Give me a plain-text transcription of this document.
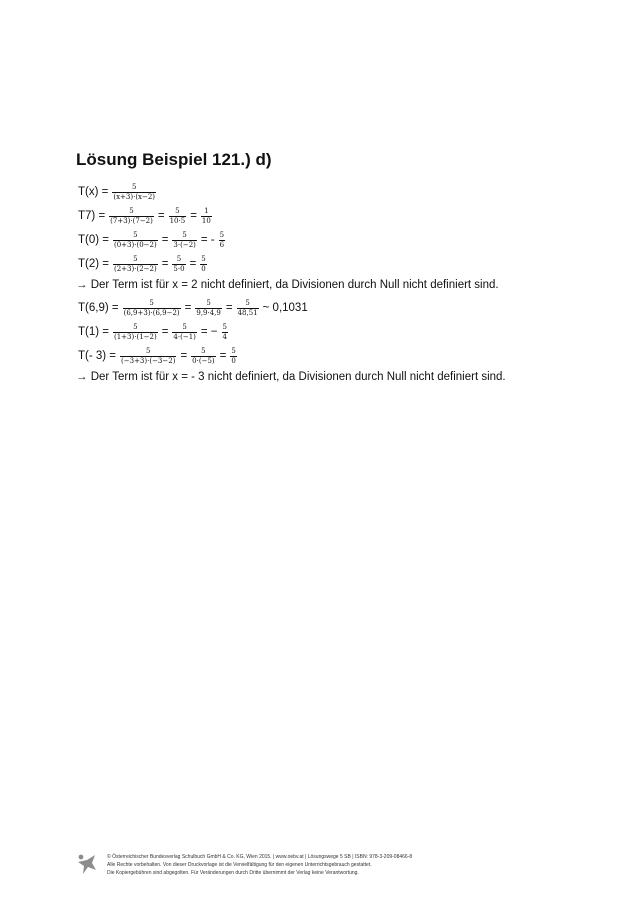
Lösung Beispiel 121.) d)
$T(x) = \frac{5}{(x+3)\cdot(x-2)}$
$T7) = \frac{5}{(7+3)\cdot(7-2)} = \frac{5}{10\cdot 5} = \frac{1}{10}$
$T(0) = \frac{5}{(0+3)\cdot(0-2)} = \frac{5}{3\cdot(-2)}$ = - $\frac{5}{6}$
$T(2) = \frac{5}{(2+3)\cdot(2-2)} = \frac{5}{5\cdot 0} = \frac{5}{0}$
→ Der Term ist für x = 2 nicht definiert, da Divisionen durch Null nicht definiert sind.
$T(6,9) = \frac{5}{(6,9+3)\cdot(6,9-2)} = \frac{5}{9,9\cdot 4,9} = \frac{5}{48,51}$ ~ 0,1031
$T(1) = \frac{5}{(1+3)\cdot(1-2)} = \frac{5}{4\cdot(-1)}$ = − $\frac{5}{4}$
T(- $3) = \frac{5}{(-3+3)\cdot(-3-2)} = \frac{5}{0\cdot(-5)} = \frac{5}{0}$
→ Der Term ist für x = - 3 nicht definiert, da Divisionen durch Null nicht definiert sind.
© Österreichischer Bundesverlag Schulbuch GmbH & Co. KG, Wien 2015. | www.oebv.at | Lösungswege 5 SB | ISBN: 978-3-209-08466-8
Alle Rechte vorbehalten. Von dieser Druckvorlage ist die Vervielfältigung für den eigenen Unterrichtsgebrauch gestattet.
Die Kopiergebühren sind abgegolten. Für Veränderungen durch Dritte übernimmt der Verlag keine Verantwortung.
